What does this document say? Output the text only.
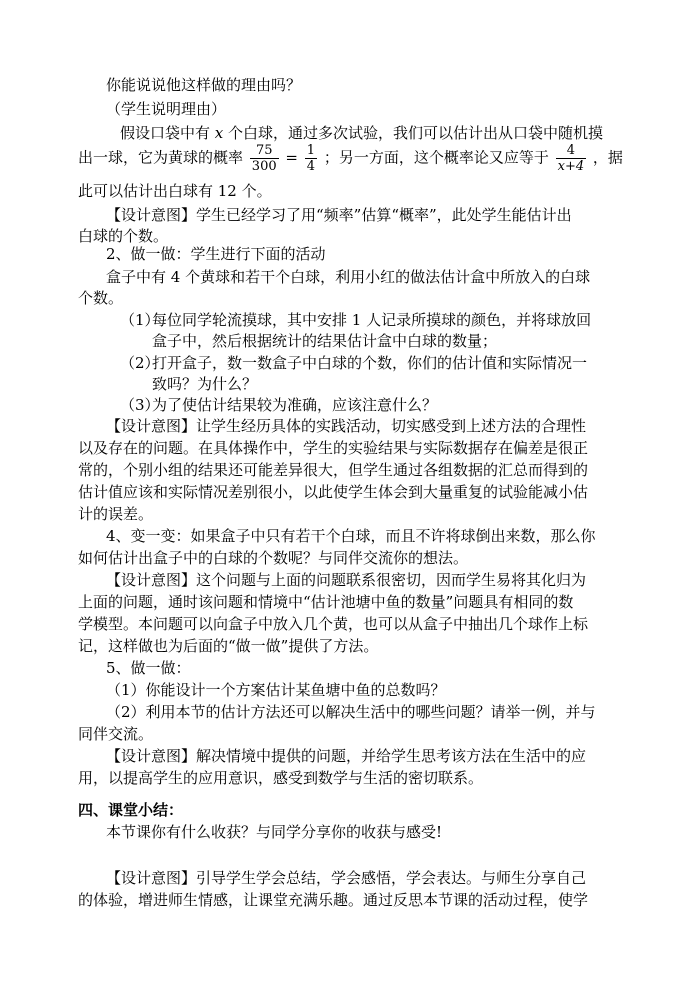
你能说说他这样做的理由吗？
（学生说明理由）
假设口袋中有 x 个白球，通过多次试验，我们可以估计出从口袋中随机摸
出一球，它为黄球的概率 $\frac{75}{300} = \frac{1}{4}$ ；另一方面，这个概率论又应等于 $\frac{4}{x+4}$ ，据
此可以估计出白球有 12 个。
【设计意图】学生已经学习了用“频率”估算“概率”，此处学生能估计出
白球的个数。
2、做一做：学生进行下面的活动
盒子中有 4 个黄球和若干个白球，利用小红的做法估计盒中所放入的白球
个数。
（1）
每位同学轮流摸球，其中安排 1 人记录所摸球的颜色，并将球放回
盒子中，然后根据统计的结果估计盒中白球的数量；
（2）
打开盒子，数一数盒子中白球的个数，你们的估计值和实际情况一
致吗？为什么？
（3）
为了使估计结果较为准确，应该注意什么？
【设计意图】让学生经历具体的实践活动，切实感受到上述方法的合理性
以及存在的问题。在具体操作中，学生的实验结果与实际数据存在偏差是很正
常的，个别小组的结果还可能差异很大，但学生通过各组数据的汇总而得到的
估计值应该和实际情况差别很小，以此使学生体会到大量重复的试验能减小估
计的误差。
4、变一变：如果盒子中只有若干个白球，而且不许将球倒出来数，那么你
如何估计出盒子中的白球的个数呢？与同伴交流你的想法。
【设计意图】这个问题与上面的问题联系很密切，因而学生易将其化归为
上面的问题，通时该问题和情境中“估计池塘中鱼的数量”问题具有相同的数
学模型。本问题可以向盒子中放入几个黄，也可以从盒子中抽出几个球作上标
记，这样做也为后面的“做一做”提供了方法。
5、做一做：
（1）你能设计一个方案估计某鱼塘中鱼的总数吗？
（2）利用本节的估计方法还可以解决生活中的哪些问题？请举一例，并与
同伴交流。
【设计意图】解决情境中提供的问题，并给学生思考该方法在生活中的应
用，以提高学生的应用意识，感受到数学与生活的密切联系。
四、课堂小结：
本节课你有什么收获？与同学分享你的收获与感受!
【设计意图】引导学生学会总结，学会感悟，学会表达。与师生分享自己
的体验，增进师生情感，让课堂充满乐趣。通过反思本节课的活动过程，使学
